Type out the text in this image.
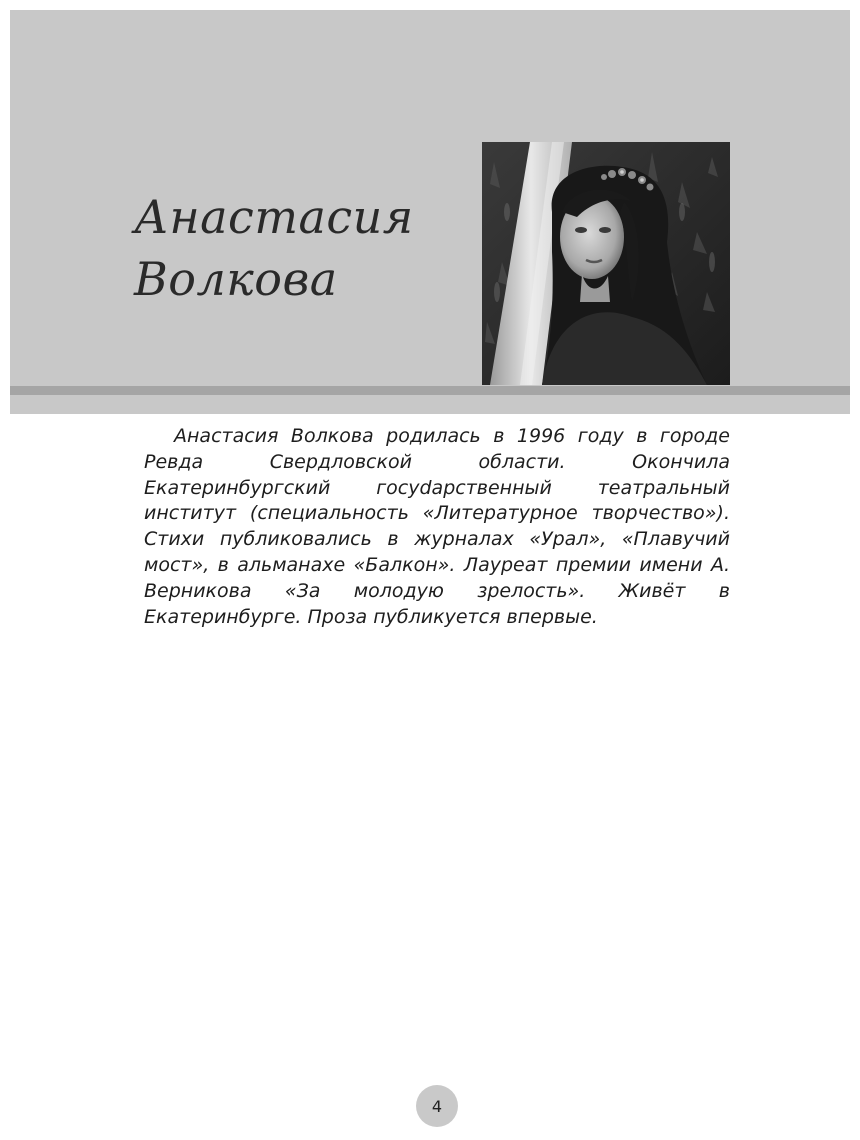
Анастасия
Волкова

Анастасия Волкова родилась в 1996 году в городе Ревда Свердловской области. Окончила Екатеринбургский госуdарственный театральный институт (специальность «Литературное творчество»). Стихи публиковались в журналах «Урал», «Плавучий мост», в альманахе «Балкон». Лауреат премии имени А. Верникова «За молодую зрелость». Живёт в Екатеринбурге. Проза публикуется впервые.

4
